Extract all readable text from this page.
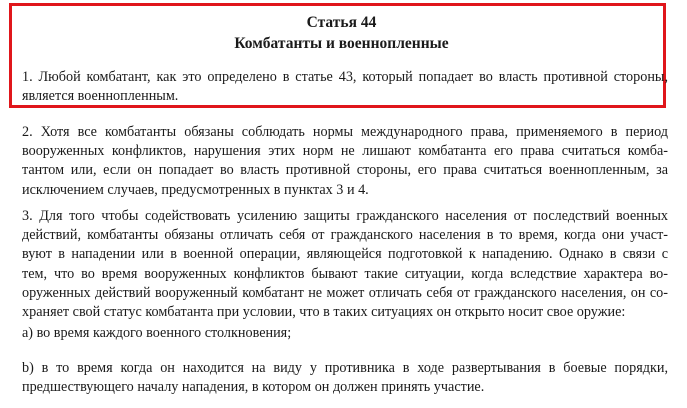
Статья 44
Комбатанты и военнопленные
1. Любой комбатант, как это определено в статье 43, который попадает во власть противной стороны,
является военнопленным.
2. Хотя все комбатанты обязаны соблюдать нормы международного права, применяемого в период
вооруженных конфликтов, нарушения этих норм не лишают комбатанта его права считаться комба-
тантом или, если он попадает во власть противной стороны, его права считаться военнопленным, за
исключением случаев, предусмотренных в пунктах 3 и 4.
3. Для того чтобы содействовать усилению защиты гражданского населения от последствий военных
действий, комбатанты обязаны отличать себя от гражданского населения в то время, когда они участ-
вуют в нападении или в военной операции, являющейся подготовкой к нападению. Однако в связи с
тем, что во время вооруженных конфликтов бывают такие ситуации, когда вследствие характера во-
оруженных действий вооруженный комбатант не может отличать себя от гражданского населения, он со-
храняет свой статус комбатанта при условии, что в таких ситуациях он открыто носит свое оружие:
а) во время каждого военного столкновения;
b) в то время когда он находится на виду у противника в ходе развертывания в боевые порядки,
предшествующего началу нападения, в котором он должен принять участие.
